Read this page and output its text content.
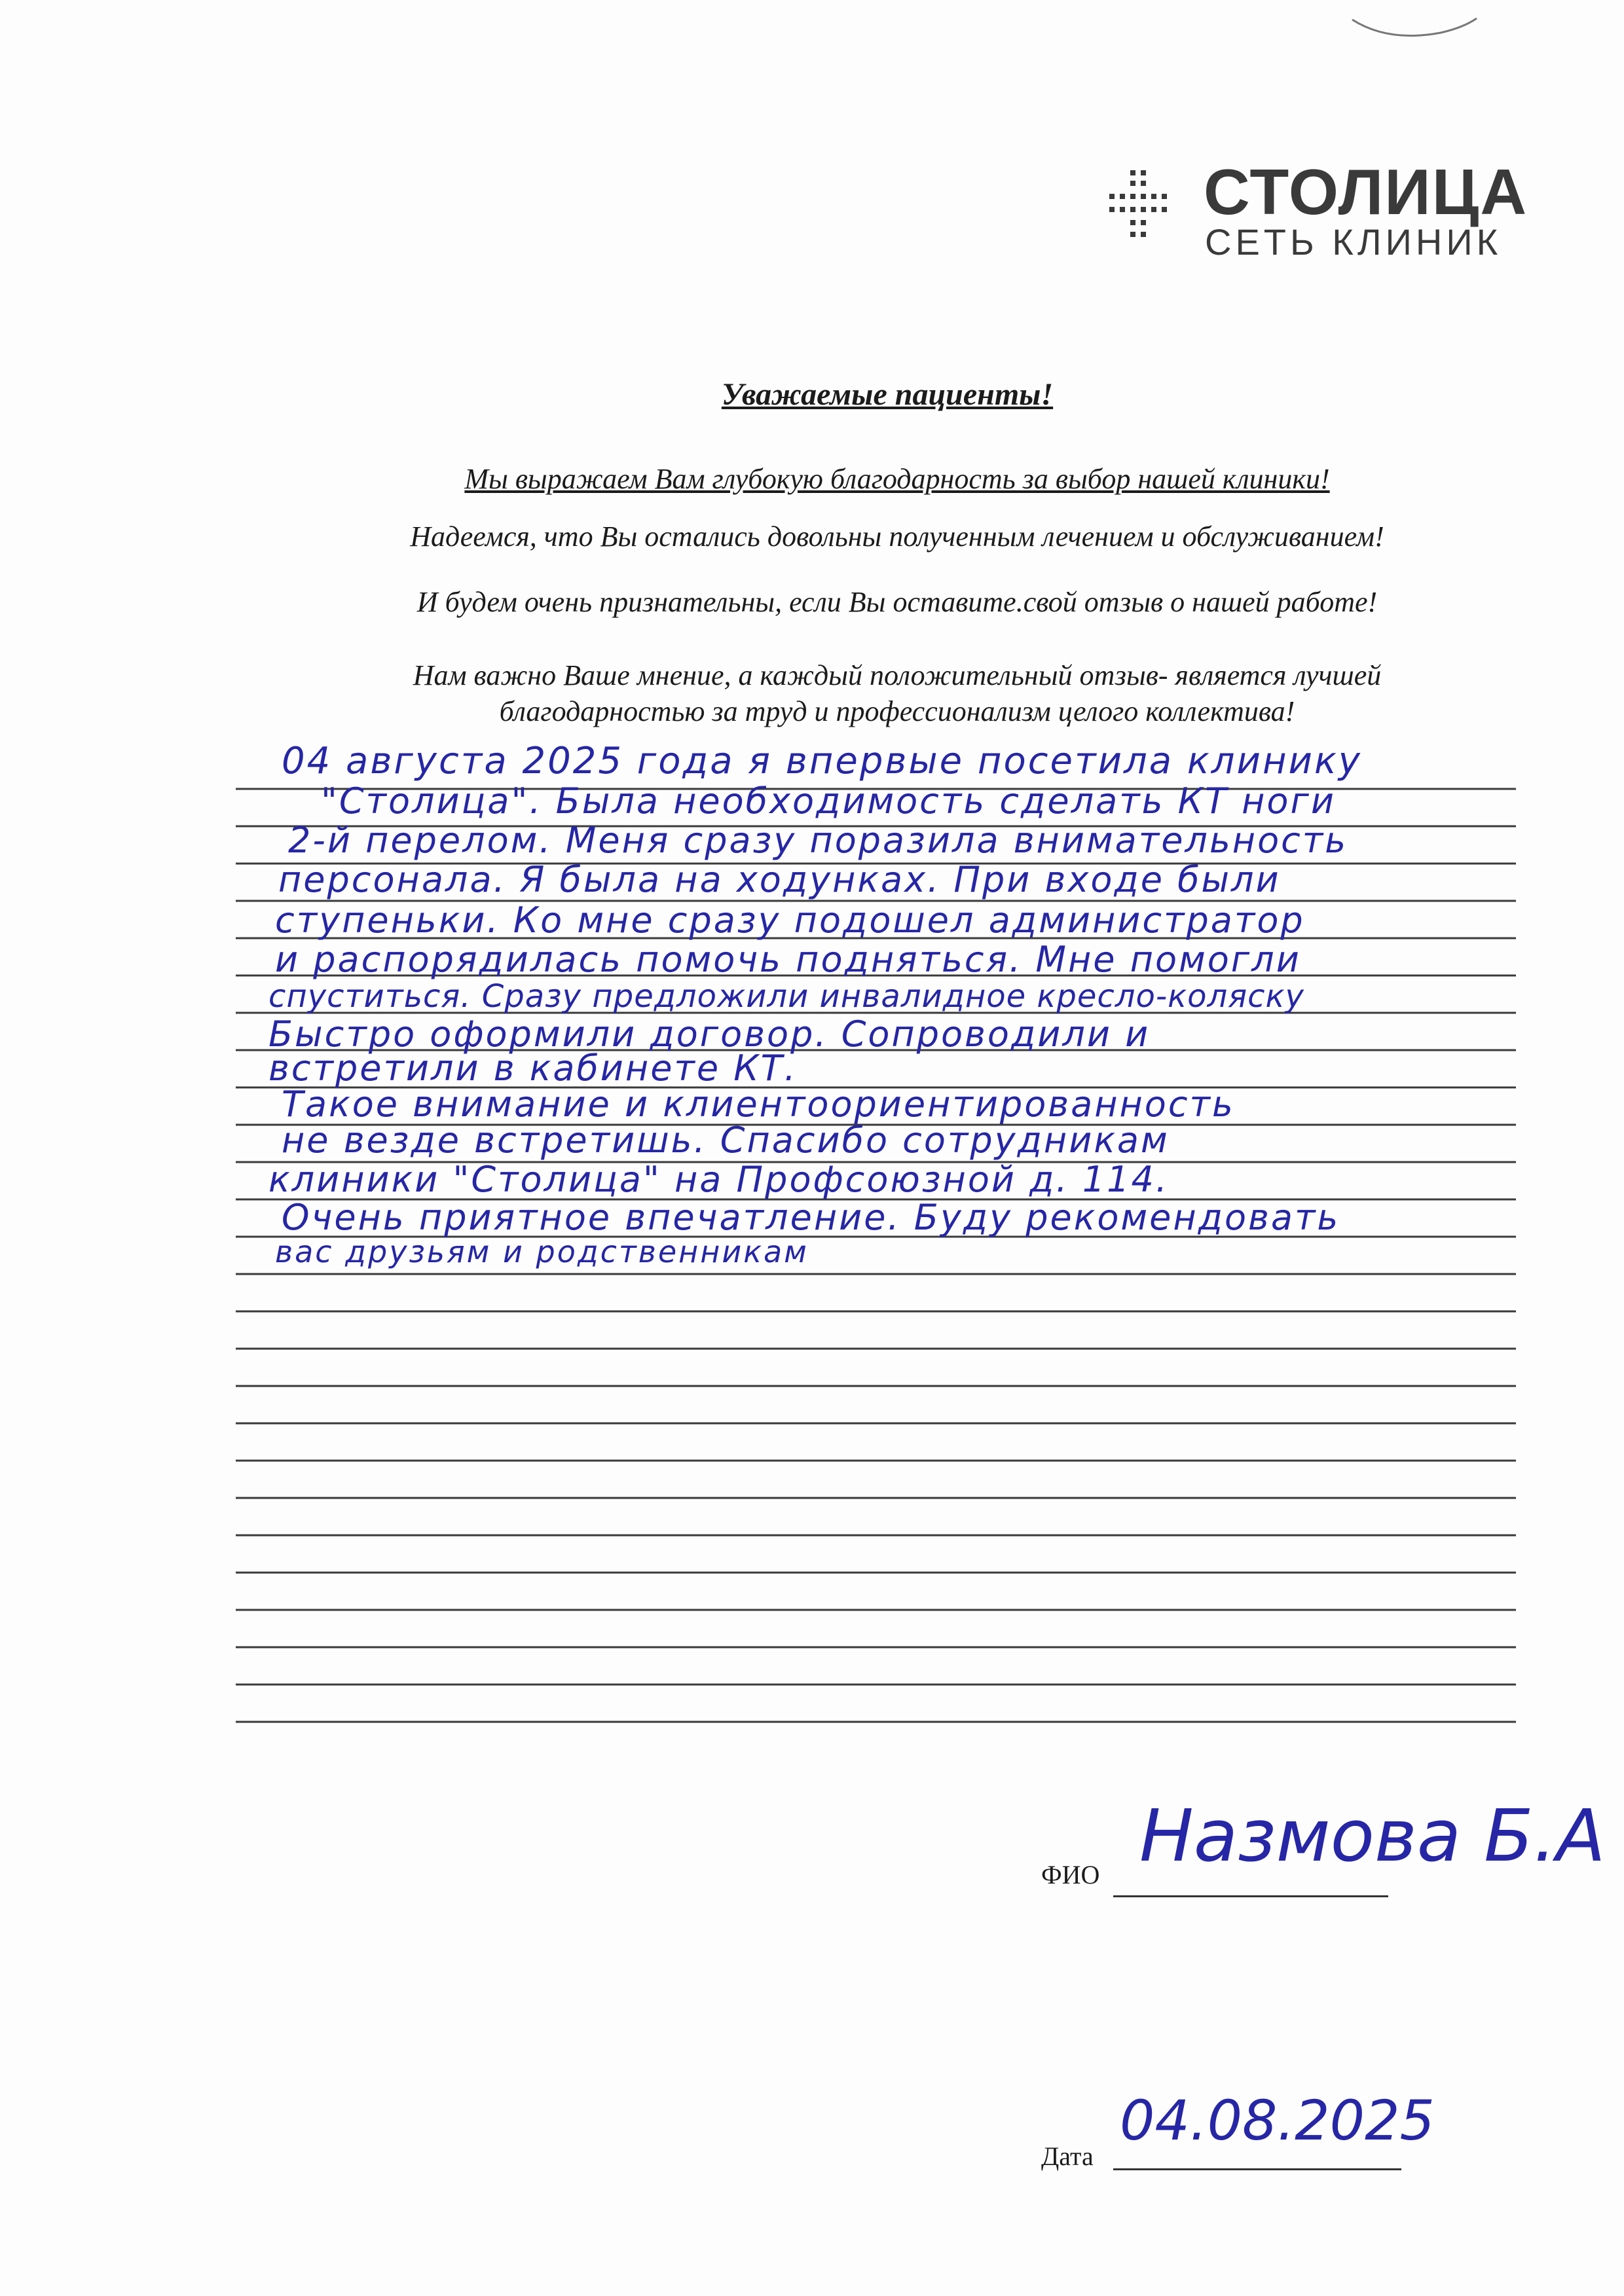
СТОЛИЦА
СЕТЬ КЛИНИК
Уважаемые пациенты!
Мы выражаем Вам глубокую благодарность за выбор нашей клиники!
Надеемся, что Вы остались довольны полученным лечением и обслуживанием!
И будем очень признательны, если Вы оставите.свой отзыв о нашей работе!
Нам важно Ваше мнение, а каждый положительный отзыв- является лучшей
благодарностью за труд и профессионализм целого коллектива!
04 августа 2025 года я впервые посетила клинику
"Столица". Была необходимость сделать КТ ноги
2-й перелом. Меня сразу поразила внимательность
персонала. Я была на ходунках. При входе были
ступеньки. Ко мне сразу подошел администратор
и распорядилась помочь подняться. Мне помогли
спуститься. Сразу предложили инвалидное кресло-коляску
Быстро оформили договор. Сопроводили и
встретили в кабинете КТ.
Такое внимание и клиентоориентированность
не везде встретишь. Спасибо сотрудникам
клиники "Столица" на Профсоюзной д. 114.
Очень приятное впечатление. Буду рекомендовать
вас друзьям и родственникам
ФИО Назмова Б.А
Дата
04.08.2025
